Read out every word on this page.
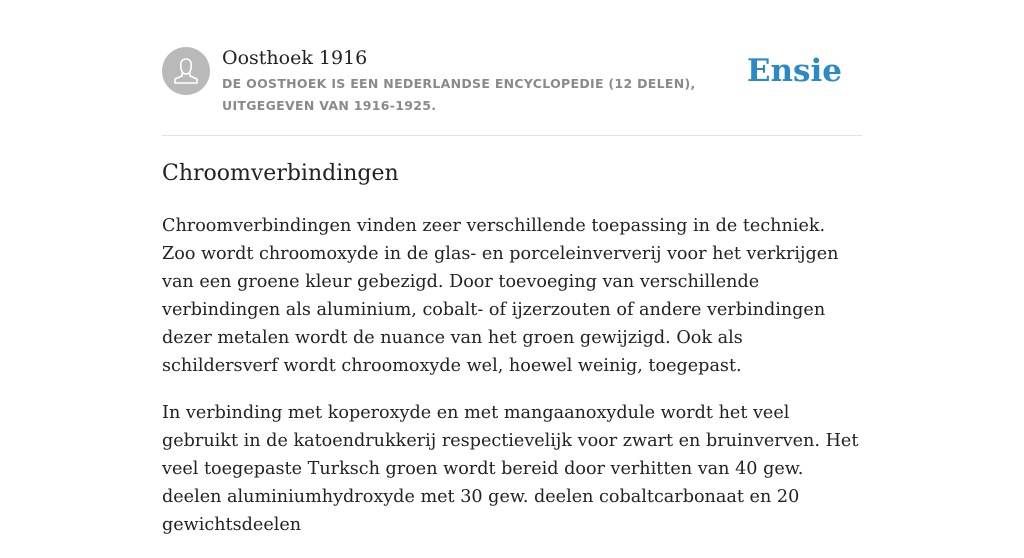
Oosthoek 1916

DE OOSTHOEK IS EEN NEDERLANDSE ENCYCLOPEDIE (12 DELEN), UITGEGEVEN VAN 1916-1925.

Ensie
Chroomverbindingen

Chroomverbindingen vinden zeer verschillende toepassing in de techniek. Zoo wordt chroomoxyde in de glas- en porceleinververij voor het verkrijgen van een groene kleur gebezigd. Door toevoeging van verschillende verbindingen als aluminium, cobalt- of ijzerzouten of andere verbindingen dezer metalen wordt de nuance van het groen gewijzigd. Ook als schildersverf wordt chroomoxyde wel, hoewel weinig, toegepast.

In verbinding met koperoxyde en met mangaanoxydule wordt het veel gebruikt in de katoendrukkerij respectievelijk voor zwart en bruinverven. Het veel toegepaste Turksch groen wordt bereid door verhitten van 40 gew. deelen aluminiumhydroxyde met 30 gew. deelen cobaltcarbonaat en 20 gewichtsdeelen
